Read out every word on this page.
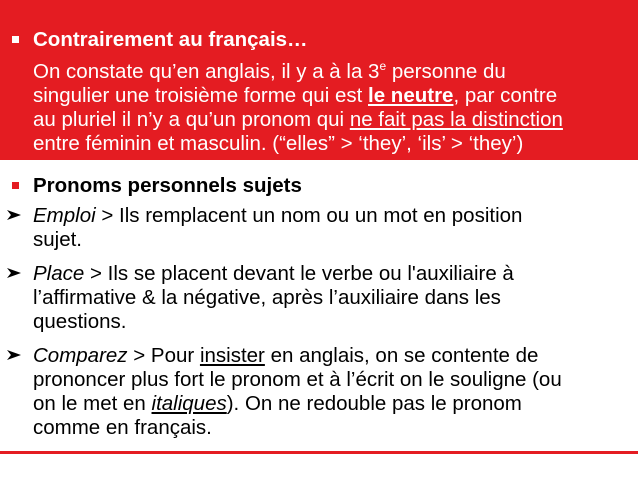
Contrairement au français…
On constate qu’en anglais, il y a à la 3e personne du
singulier une troisième forme qui est le neutre, par contre
au pluriel il n’y a qu’un pronom qui ne fait pas la distinction
entre féminin et masculin. (“elles” > ‘they’, ‘ils’ > ‘they’)
Pronoms personnels sujets
Emploi > Ils remplacent un nom ou un mot en position
sujet.
Place > Ils se placent devant le verbe ou l'auxiliaire à
l’affirmative & la négative, après l’auxiliaire dans les
questions.
Comparez > Pour insister en anglais, on se contente de
prononcer plus fort le pronom et à l’écrit on le souligne (ou
on le met en italiques). On ne redouble pas le pronom
comme en français.
